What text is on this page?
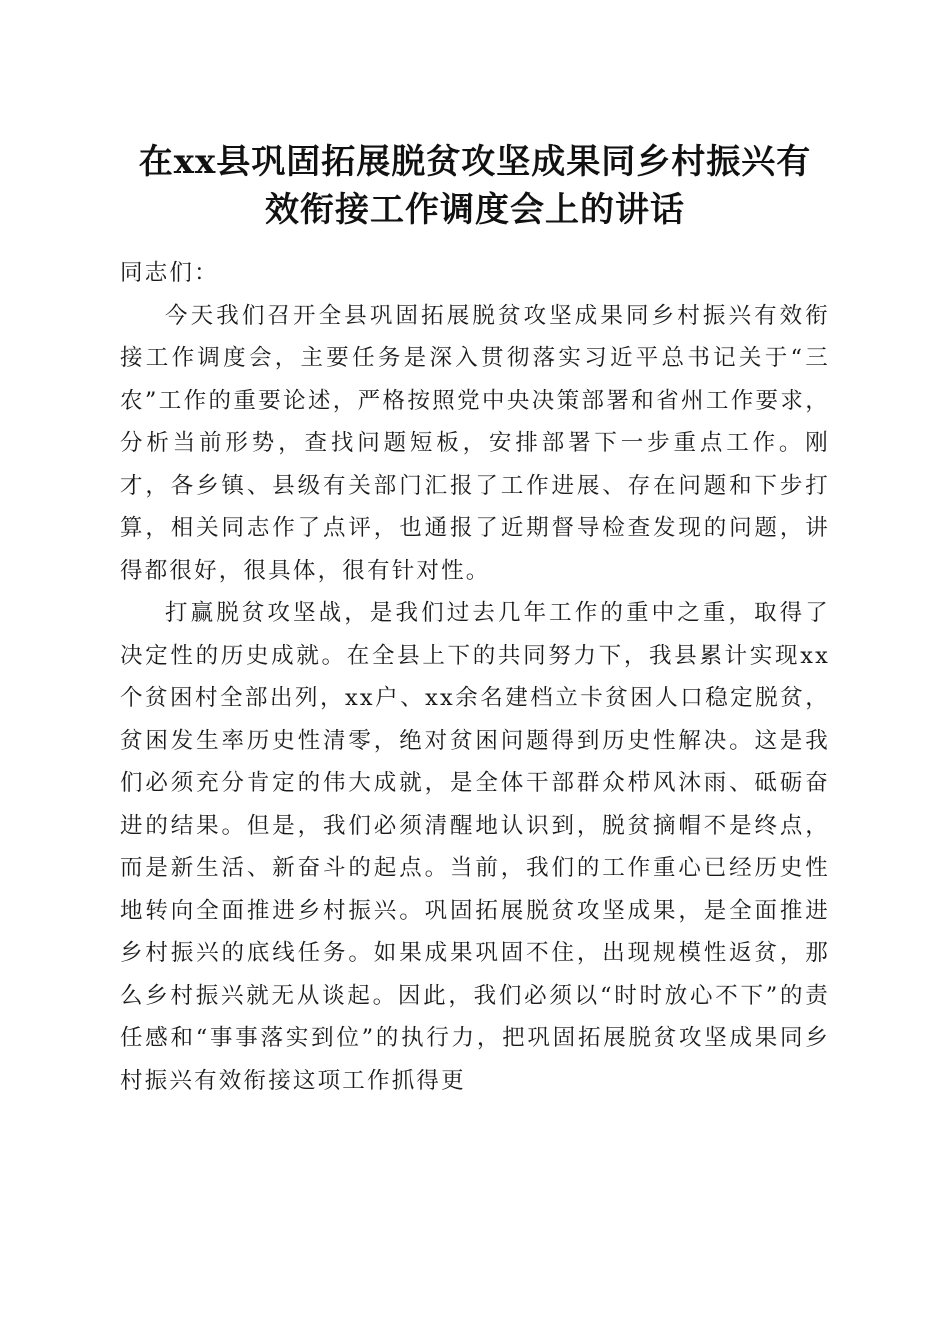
在xx县巩固拓展脱贫攻坚成果同乡村振兴有
效衔接工作调度会上的讲话

同志们：

今天我们召开全县巩固拓展脱贫攻坚成果同乡村振兴有效衔接工作调度会，主要任务是深入贯彻落实习近平总书记关于“三农”工作的重要论述，严格按照党中央决策部署和省州工作要求，分析当前形势，查找问题短板，安排部署下一步重点工作。刚才，各乡镇、县级有关部门汇报了工作进展、存在问题和下步打算，相关同志作了点评，也通报了近期督导检查发现的问题，讲得都很好，很具体，很有针对性。

打赢脱贫攻坚战，是我们过去几年工作的重中之重，取得了决定性的历史成就。在全县上下的共同努力下，我县累计实现xx个贫困村全部出列，xx户、xx余名建档立卡贫困人口稳定脱贫，贫困发生率历史性清零，绝对贫困问题得到历史性解决。这是我们必须充分肯定的伟大成就，是全体干部群众栉风沐雨、砥砺奋进的结果。但是，我们必须清醒地认识到，脱贫摘帽不是终点，而是新生活、新奋斗的起点。当前，我们的工作重心已经历史性地转向全面推进乡村振兴。巩固拓展脱贫攻坚成果，是全面推进乡村振兴的底线任务。如果成果巩固不住，出现规模性返贫，那么乡村振兴就无从谈起。因此，我们必须以“时时放心不下”的责任感和“事事落实到位”的执行力，把巩固拓展脱贫攻坚成果同乡村振兴有效衔接这项工作抓得更
